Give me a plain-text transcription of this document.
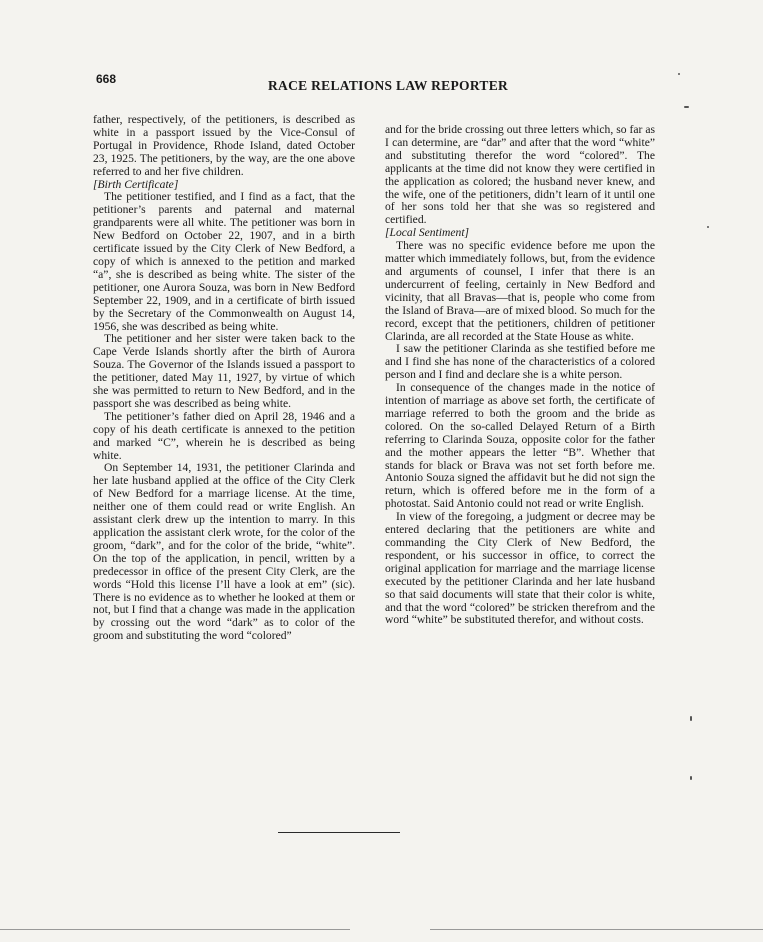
668	RACE RELATIONS LAW REPORTER

father, respectively, of the petitioners, is described as white in a passport issued by the Vice-Consul of Portugal in Providence, Rhode Island, dated October 23, 1925. The petitioners, by the way, are the one above referred to and her five children.

[Birth Certificate]

The petitioner testified, and I find as a fact, that the petitioner’s parents and paternal and maternal grandparents were all white. The petitioner was born in New Bedford on October 22, 1907, and in a birth certificate issued by the City Clerk of New Bedford, a copy of which is annexed to the petition and marked “a”, she is described as being white. The sister of the petitioner, one Aurora Souza, was born in New Bedford September 22, 1909, and in a certificate of birth issued by the Secretary of the Commonwealth on August 14, 1956, she was described as being white.

The petitioner and her sister were taken back to the Cape Verde Islands shortly after the birth of Aurora Souza. The Governor of the Islands issued a passport to the petitioner, dated May 11, 1927, by virtue of which she was permitted to return to New Bedford, and in the passport she was described as being white.

The petitioner’s father died on April 28, 1946 and a copy of his death certificate is annexed to the petition and marked “C”, wherein he is described as being white.

On September 14, 1931, the petitioner Clarinda and her late husband applied at the office of the City Clerk of New Bedford for a marriage license. At the time, neither one of them could read or write English. An assistant clerk drew up the intention to marry. In this application the assistant clerk wrote, for the color of the groom, “dark”, and for the color of the bride, “white”. On the top of the application, in pencil, written by a predecessor in office of the present City Clerk, are the words “Hold this license I’ll have a look at em” (sic). There is no evidence as to whether he looked at them or not, but I find that a change was made in the application by crossing out the word “dark” as to color of the groom and substituting the word “colored”

and for the bride crossing out three letters which, so far as I can determine, are “dar” and after that the word “white” and substituting therefor the word “colored”. The applicants at the time did not know they were certified in the application as colored; the husband never knew, and the wife, one of the petitioners, didn’t learn of it until one of her sons told her that she was so registered and certified.

[Local Sentiment]

There was no specific evidence before me upon the matter which immediately follows, but, from the evidence and arguments of counsel, I infer that there is an undercurrent of feeling, certainly in New Bedford and vicinity, that all Bravas—that is, people who come from the Island of Brava—are of mixed blood. So much for the record, except that the petitioners, children of petitioner Clarinda, are all recorded at the State House as white.

I saw the petitioner Clarinda as she testified before me and I find she has none of the characteristics of a colored person and I find and declare she is a white person.

In consequence of the changes made in the notice of intention of marriage as above set forth, the certificate of marriage referred to both the groom and the bride as colored. On the so-called Delayed Return of a Birth referring to Clarinda Souza, opposite color for the father and the mother appears the letter “B”. Whether that stands for black or Brava was not set forth before me. Antonio Souza signed the affidavit but he did not sign the return, which is offered before me in the form of a photostat. Said Antonio could not read or write English.

In view of the foregoing, a judgment or decree may be entered declaring that the petitioners are white and commanding the City Clerk of New Bedford, the respondent, or his successor in office, to correct the original application for marriage and the marriage license executed by the petitioner Clarinda and her late husband so that said documents will state that their color is white, and that the word “colored” be stricken therefrom and the word “white” be substituted therefor, and without costs.
